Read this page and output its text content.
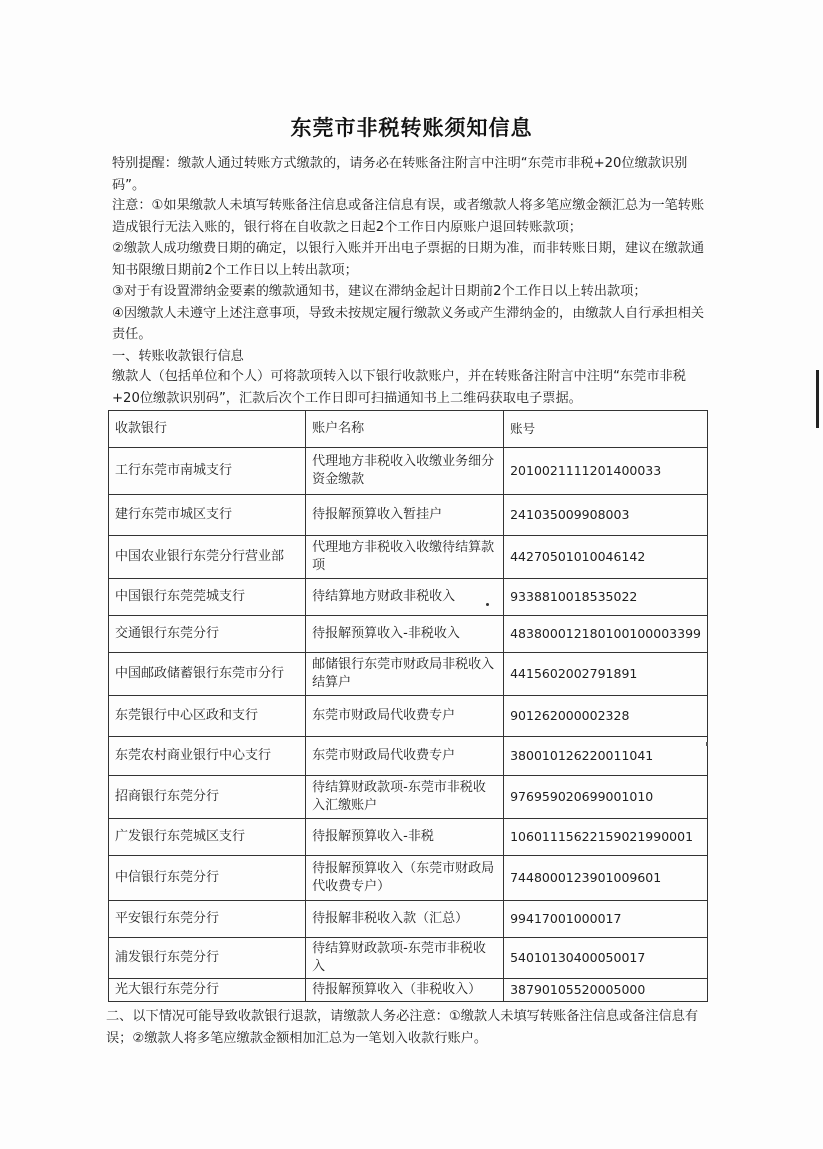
东莞市非税转账须知信息
特别提醒：缴款人通过转账方式缴款的，请务必在转账备注附言中注明“东莞市非税+20位缴款识别码”。
注意：①如果缴款人未填写转账备注信息或备注信息有误，或者缴款人将多笔应缴金额汇总为一笔转账造成银行无法入账的，银行将在自收款之日起2个工作日内原账户退回转账款项；
②缴款人成功缴费日期的确定，以银行入账并开出电子票据的日期为准，而非转账日期，建议在缴款通知书限缴日期前2个工作日以上转出款项；
③对于有设置滞纳金要素的缴款通知书，建议在滞纳金起计日期前2个工作日以上转出款项；
④因缴款人未遵守上述注意事项，导致未按规定履行缴款义务或产生滞纳金的，由缴款人自行承担相关责任。
一、转账收款银行信息
缴款人（包括单位和个人）可将款项转入以下银行收款账户，并在转账备注附言中注明“东莞市非税+20位缴款识别码”，汇款后次个工作日即可扫描通知书上二维码获取电子票据。
收款银行	账户名称	账号
工行东莞市南城支行	代理地方非税收入收缴业务细分资金缴款	2010021111201400033
建行东莞市城区支行	待报解预算收入暂挂户	241035009908003
中国农业银行东莞分行营业部	代理地方非税收入收缴待结算款项	44270501010046142
中国银行东莞莞城支行	待结算地方财政非税收入	933881001853502​2
交通银行东莞分行	待报解预算收入-非税收入	483800012180100100003399
中国邮政储蓄银行东莞市分行	邮储银行东莞市财政局非税收入结算户	44156020027918​91
东莞银行中心区政和支行	东莞市财政局代收费专户	901262000002328
东莞农村商业银行中心支行	东莞市财政局代收费专户	380010126220011041
招商银行东莞分行	待结算财政款项-东莞市非税收入汇缴账户	976959020699001010
广发银行东莞城区支行	待报解预算收入-非税	106011156221590219900​01
中信银行东莞分行	待报解预算收入（东莞市财政局代收费专户）	7448000123901009601
平安银行东莞分行	待报解非税收入款（汇总）	99417001000017
浦发银行东莞分行	待结算财政款项-东莞市非税收入	54010130400050017
光大银行东莞分行	待报解预算收入（非税收入）	38790105520005000
二、以下情况可能导致收款银行退款，请缴款人务必注意：①缴款人未填写转账备注信息或备注信息有误；②缴款人将多笔应缴款金额相加汇总为一笔划入收款行账户。
